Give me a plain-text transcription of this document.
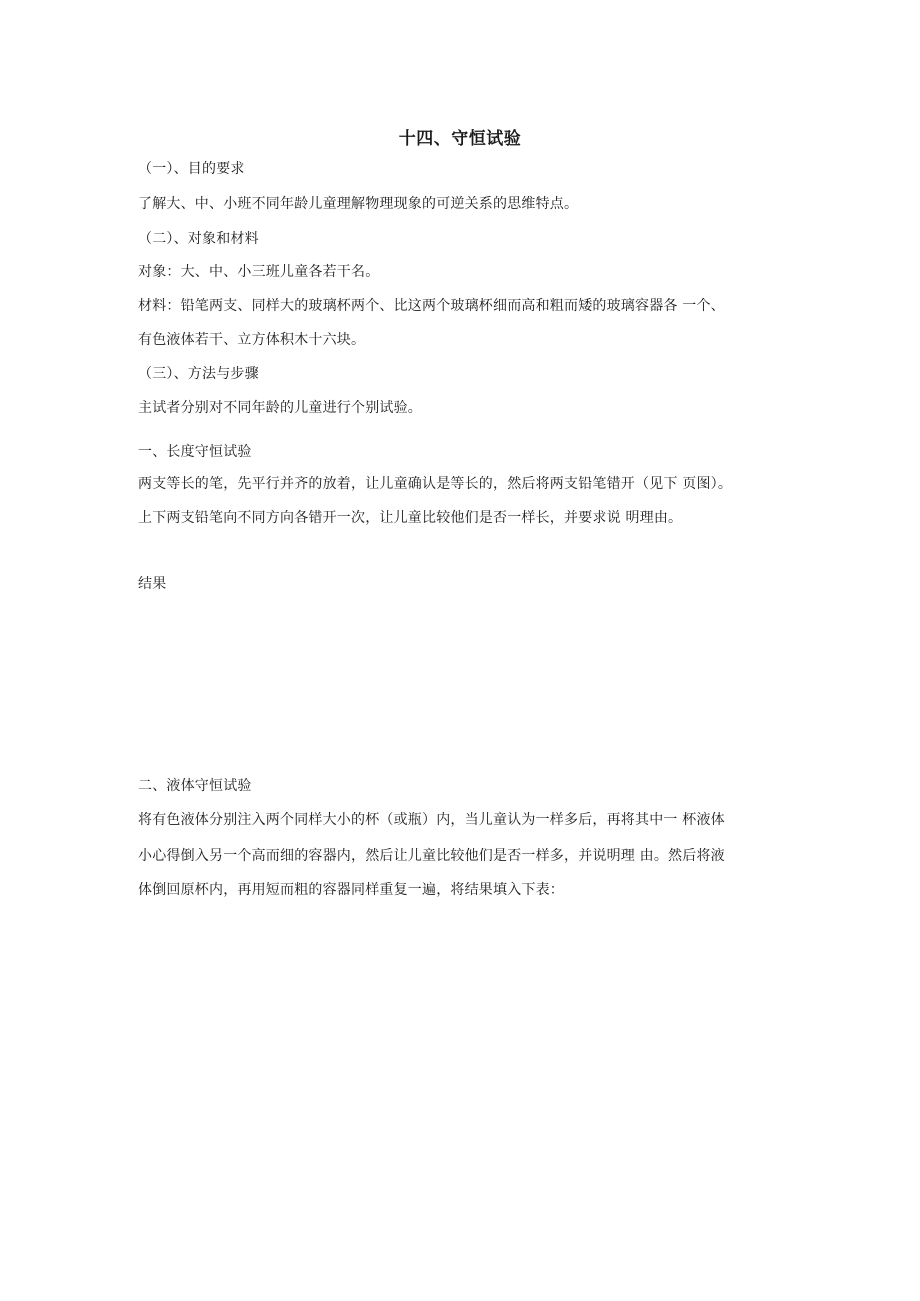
十四、守恒试验

（一）、目的要求

了解大、中、小班不同年龄儿童理解物理现象的可逆关系的思维特点。

（二）、对象和材料

对象：大、中、小三班儿童各若干名。

材料：铅笔两支、同样大的玻璃杯两个、比这两个玻璃杯细而高和粗而矮的玻璃容器各 一个、

有色液体若干、立方体积木十六块。

（三）、方法与步骤

主试者分别对不同年龄的儿童进行个别试验。

一、长度守恒试验

两支等长的笔，先平行并齐的放着，让儿童确认是等长的，然后将两支铅笔错开（见下 页图）。

上下两支铅笔向不同方向各错开一次，让儿童比较他们是否一样长，并要求说 明理由。

结果

二、液体守恒试验

将有色液体分别注入两个同样大小的杯（或瓶）内，当儿童认为一样多后，再将其中一 杯液体

小心得倒入另一个高而细的容器内，然后让儿童比较他们是否一样多，并说明理 由。然后将液

体倒回原杯内，再用短而粗的容器同样重复一遍，将结果填入下表：
